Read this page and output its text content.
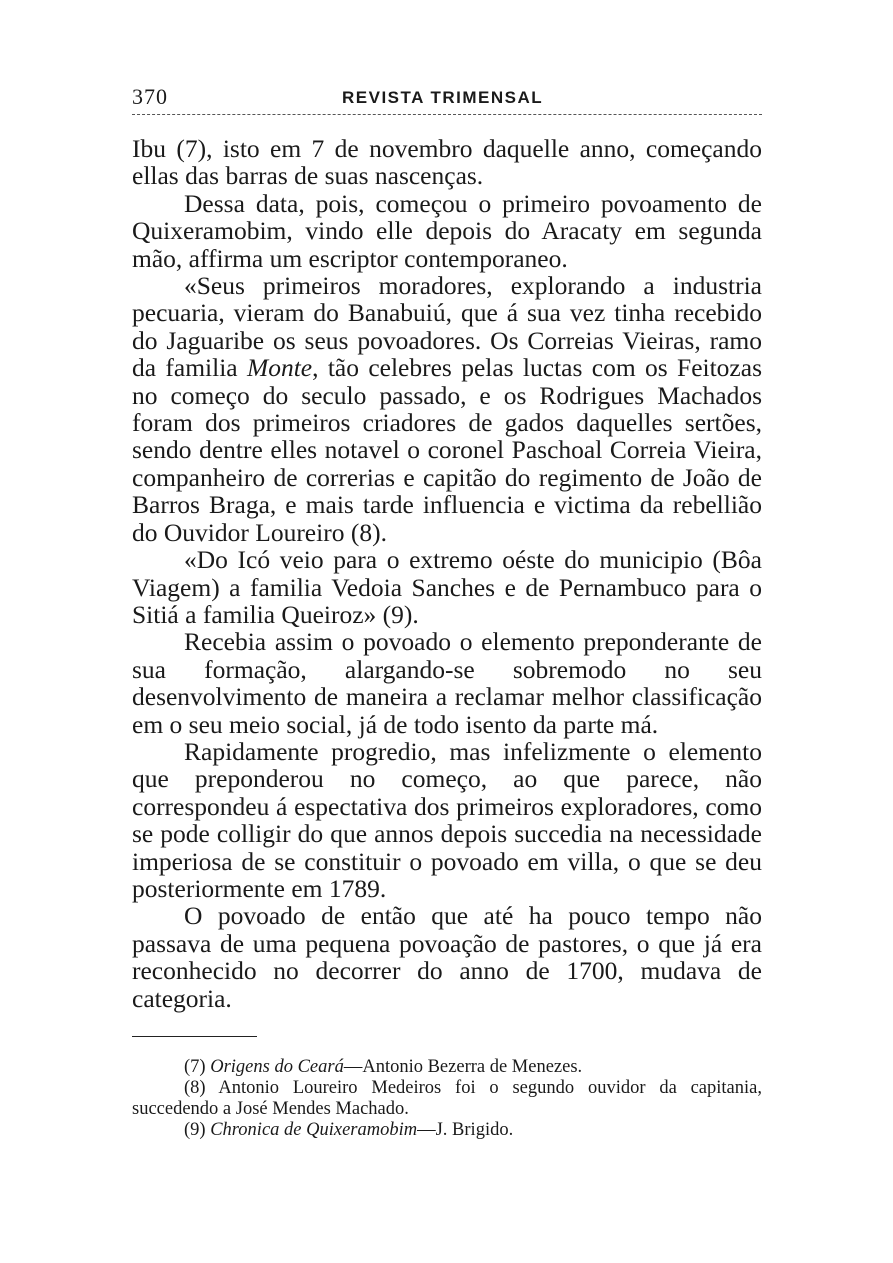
370	REVISTA TRIMENSAL

Ibu (7), isto em 7 de novembro daquelle anno, começando ellas das barras de suas nascenças.

Dessa data, pois, começou o primeiro povoamento de Quixeramobim, vindo elle depois do Aracaty em segunda mão, affirma um escriptor contemporaneo.

«Seus primeiros moradores, explorando a industria pecuaria, vieram do Banabuiú, que á sua vez tinha recebido do Jaguaribe os seus povoadores. Os Correias Vieiras, ramo da familia Monte, tão celebres pelas luctas com os Feitozas no começo do seculo passado, e os Rodrigues Machados foram dos primeiros criadores de gados daquelles sertões, sendo dentre elles notavel o coronel Paschoal Correia Vieira, companheiro de correrias e capitão do regimento de João de Barros Braga, e mais tarde influencia e victima da rebellião do Ouvidor Loureiro (8).

«Do Icó veio para o extremo oéste do municipio (Bôa Viagem) a familia Vedoia Sanches e de Pernambuco para o Sitiá a familia Queiroz» (9).

Recebia assim o povoado o elemento preponderante de sua formação, alargando-se sobremodo no seu desenvolvimento de maneira a reclamar melhor classificação em o seu meio social, já de todo isento da parte má.

Rapidamente progredio, mas infelizmente o elemento que preponderou no começo, ao que parece, não correspondeu á espectativa dos primeiros exploradores, como se pode colligir do que annos depois succedia na necessidade imperiosa de se constituir o povoado em villa, o que se deu posteriormente em 1789.

O povoado de então que até ha pouco tempo não passava de uma pequena povoação de pastores, o que já era reconhecido no decorrer do anno de 1700, mudava de categoria.

(7) Origens do Ceará—Antonio Bezerra de Menezes.

(8) Antonio Loureiro Medeiros foi o segundo ouvidor da capitania, succedendo a José Mendes Machado.

(9) Chronica de Quixeramobim—J. Brigido.
